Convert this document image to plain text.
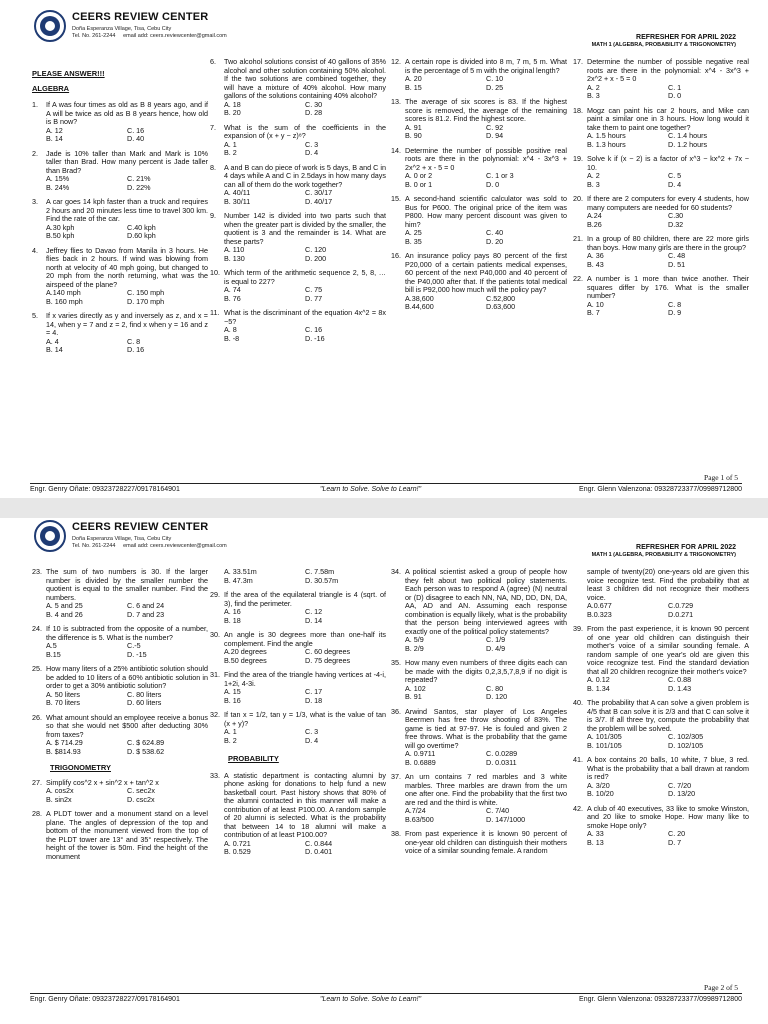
CEERS REVIEW CENTER
Doña Esperanza Village, Tisa, Cebu City
Tel. No. 261-2244 email add: ceers.reviewcenter@gmail.com	REFRESHER FOR APRIL 2022
MATH 1 (ALGEBRA, PROBABILITY & TRIGONOMETRY)
PLEASE ANSWER!!!
ALGEBRA
1.	If A was four times as old as B 8 years ago, and if A will be twice as old as B 8 years hence, how old is B now?
A. 12	C. 16
B. 14	D. 40
2.	Jade is 10% taller than Mark and Mark is 10% taller than Brad. How many percent is Jade taller than Brad?
A. 15%	C. 21%
B. 24%	D. 22%
3.	A car goes 14 kph faster than a truck and requires 2 hours and 20 minutes less time to travel 300 km. Find the rate of the car.
A.30 kph	C.40 kph
B.50 kph	D.60 kph
4.	Jeffrey flies to Davao from Manila in 3 hours. He flies back in 2 hours. If wind was blowing from north at velocity of 40 mph going, but changed to 20 mph from the north returning, what was the airspeed of the plane?
A.140 mph	C. 150 mph
B. 160 mph	D. 170 mph
5.	If x varies directly as y and inversely as z, and x = 14, when y = 7 and z = 2, find x when y = 16 and z = 4.
A. 4	C. 8
B. 14	D. 16
6.	Two alcohol solutions consist of 40 gallons of 35% alcohol and other solution containing 50% alcohol. If the two solutions are combined together, they will have a mixture of 40% alcohol. How many gallons of the solutions containing 40% alcohol?
A. 18	C. 30
B. 20	D. 28
7.	What is the sum of the coefficients in the expansion of (x + y − z)⁸?
A. 1	C. 3
B. 2	D. 4
8.	A and B can do piece of work is 5 days, B and C in 4 days while A and C in 2.5days in how many days can all of them do the work together?
A. 40/11	C. 30/17
B. 30/11	D. 40/17
9.	Number 142 is divided into two parts such that when the greater part is divided by the smaller, the quotient is 3 and the remainder is 14. What are these parts?
A. 110	C. 120
B. 130	D. 200
10. Which term of the arithmetic sequence 2, 5, 8, … is equal to 227?
A. 74	C. 75
B. 76	D. 77
11. What is the discriminant of the equation 4x^2 = 8x −5?
A. 8	C. 16
B. -8	D. -16
12. A certain rope is divided into 8 m, 7 m, 5 m. What is the percentage of 5 m with the original length?
A. 20	C. 10
B. 15	D. 25
13. The average of six scores is 83. If the highest score is removed, the average of the remaining scores is 81.2. Find the highest score.
A. 91	C. 92
B. 90	D. 94
14. Determine the number of possible positive real roots are there in the polynomial: x^4 - 3x^3 + 2x^2 + x - 5 = 0
A. 0 or 2	C. 1 or 3
B. 0 or 1	D. 0
15. A second-hand scientific calculator was sold to Bus for P600. The original price of the item was P800. How many percent discount was given to him?
A. 25	C. 40
B. 35	D. 20
16. An insurance policy pays 80 percent of the first P20,000 of a certain patients medical expenses, 60 percent of the next P40,000 and 40 percent of the P40,000 after that. If the patients total medical bill is P92,000 how much will the policy pay?
A.38,600	C.52,800
B.44,600	D.63,600
17. Determine the number of possible negative real roots are there in the polynomial: x^4 - 3x^3 + 2x^2 + x - 5 = 0
A. 2	C. 1
B. 3	D. 0
18. Mogz can paint his car 2 hours, and Mike can paint a similar one in 3 hours. How long would it take them to paint one together?
A. 1.5 hours	C. 1.4 hours
B. 1.3 hours	D. 1.2 hours
19. Solve k if (x − 2) is a factor of x^3 − kx^2 + 7x − 10.
A. 2	C. 5
B. 3	D. 4
20. If there are 2 computers for every 4 students, how many computers are needed for 60 students?
A.24	C.30
B.26	D.32
21. In a group of 80 children, there are 22 more girls than boys. How many girls are there in the group?
A. 36	C. 48
B. 43	D. 51
22. A number is 1 more than twice another. Their squares differ by 176. What is the smaller number?
A. 10	C. 8
B. 7	D. 9
Page 1 of 5
Engr. Genry Oñate: 09323728227/09178164901	"Learn to Solve. Solve to Learn!"	Engr. Glenn Valenzona: 09328723377/09989712800
CEERS REVIEW CENTER
Doña Esperanza Village, Tisa, Cebu City
Tel. No. 261-2244 email add: ceers.reviewcenter@gmail.com	REFRESHER FOR APRIL 2022
MATH 1 (ALGEBRA, PROBABILITY & TRIGONOMETRY)
23. The sum of two numbers is 30. If the larger number is divided by the smaller number the quotient is equal to the smaller number. Find the numbers.
A. 5 and 25	C. 6 and 24
B. 4 and 26	D. 7 and 23
24. If 10 is subtracted from the opposite of a number, the difference is 5. What is the number?
A.5	C.-5
B.15	D. -15
25. How many liters of a 25% antibiotic solution should be added to 10 liters of a 60% antibiotic solution in order to get a 30% antibiotic solution?
A. 50 liters	C. 80 liters
B. 70 liters	D. 60 liters
26. What amount should an employee receive a bonus so that she would net $500 after deducting 30% from taxes?
A. $ 714.29	C. $ 624.89
B. $814.93	D. $ 538.62
TRIGONOMETRY
27. Simplify cos^2 x + sin^2 x + tan^2 x
A. cos2x	C. sec2x
B. sin2x	D. csc2x
28. A PLDT tower and a monument stand on a level plane. The angles of depression of the top and bottom of the monument viewed from the top of the PLDT tower are 13° and 35° respectively. The height of the tower is 50m. Find the height of the monument
A. 33.51m	C. 7.58m
B. 47.3m	D. 30.57m
29. If the area of the equilateral triangle is 4 (sqrt. of 3), find the perimeter.
A. 16	C. 12
B. 18	D. 14
30. An angle is 30 degrees more than one-half its complement. Find the angle
A.20 degrees	C. 60 degrees
B.50 degrees	D. 75 degrees
31. Find the area of the triangle having vertices at -4-i, 1+2i, 4-3i.
A. 15	C. 17
B. 16	D. 18
32. If tan x = 1/2, tan y = 1/3, what is the value of tan (x + y)?
A. 1	C. 3
B. 2	D. 4
PROBABILITY
33. A statistic department is contacting alumni by phone asking for donations to help fund a new basketball court. Past history shows that 80% of the alumni contacted in this manner will make a contribution of at least P100.00. A random sample of 20 alumni is selected. What is the probability that between 14 to 18 alumni will make a contribution of at least P100.00?
A. 0.721	C. 0.844
B. 0.529	D. 0.401
34. A political scientist asked a group of people how they felt about two political policy statements. Each person was to respond A (agree) (N) neutral or (D) disagree to each NN, NA, ND, DD, DN, DA, AA, AD and AN. Assuming each response combination is equally likely, what is the probability that the person being interviewed agrees with exactly one of the political policy statements?
A. 5/9	C. 1/9
B. 2/9	D. 4/9
35. How many even numbers of three digits each can be made with the digits 0,2,3,5,7,8,9 if no digit is repeated?
A. 102	C. 80
B. 91	D. 120
36. Arwind Santos, star player of Los Angeles Beermen has free throw shooting of 83%. The game is tied at 97-97. He is fouled and given 2 free throws. What is the probability that the game will go overtime?
A. 0.9711	C. 0.0289
B. 0.6889	D. 0.0311
37. An urn contains 7 red marbles and 3 white marbles. Three marbles are drawn from the urn one after one. Find the probability that the first two are red and the third is white.
A.7/24	C. 7/40
B.63/500	D. 147/1000
38. From past experience it is known 90 percent of one-year old children can distinguish their mothers voice of a similar sounding female. A random
sample of twenty(20) one-years old are given this voice recognize test. Find the probability that at least 3 children did not recognize their mothers voice.
A.0.677	C.0.729
B.0.323	D.0.271
39. From the past experience, it is known 90 percent of one year old children can distinguish their mother's voice of a similar sounding female. A random sample of one year's old are given this voice recognize test. Find the standard deviation that all 20 children recognize their mother's voice?
A. 0.12	C. 0.88
B. 1.34	D. 1.43
40. The probability that A can solve a given problem is 4/5 that B can solve it is 2/3 and that C can solve it is 3/7. If all three try, compute the probability that the problem will be solved.
A. 101/305	C. 102/305
B. 101/105	D. 102/105
41. A box contains 20 balls, 10 white, 7 blue, 3 red. What is the probability that a ball drawn at random is red?
A. 3/20	C. 7/20
B. 10/20	D. 13/20
42. A club of 40 executives, 33 like to smoke Winston, and 20 like to smoke Hope. How many like to smoke Hope only?
A. 33	C. 20
B. 13	D. 7
Page 2 of 5
Engr. Genry Oñate: 09323728227/09178164901	"Learn to Solve. Solve to Learn!"	Engr. Glenn Valenzona: 09328723377/09989712800
